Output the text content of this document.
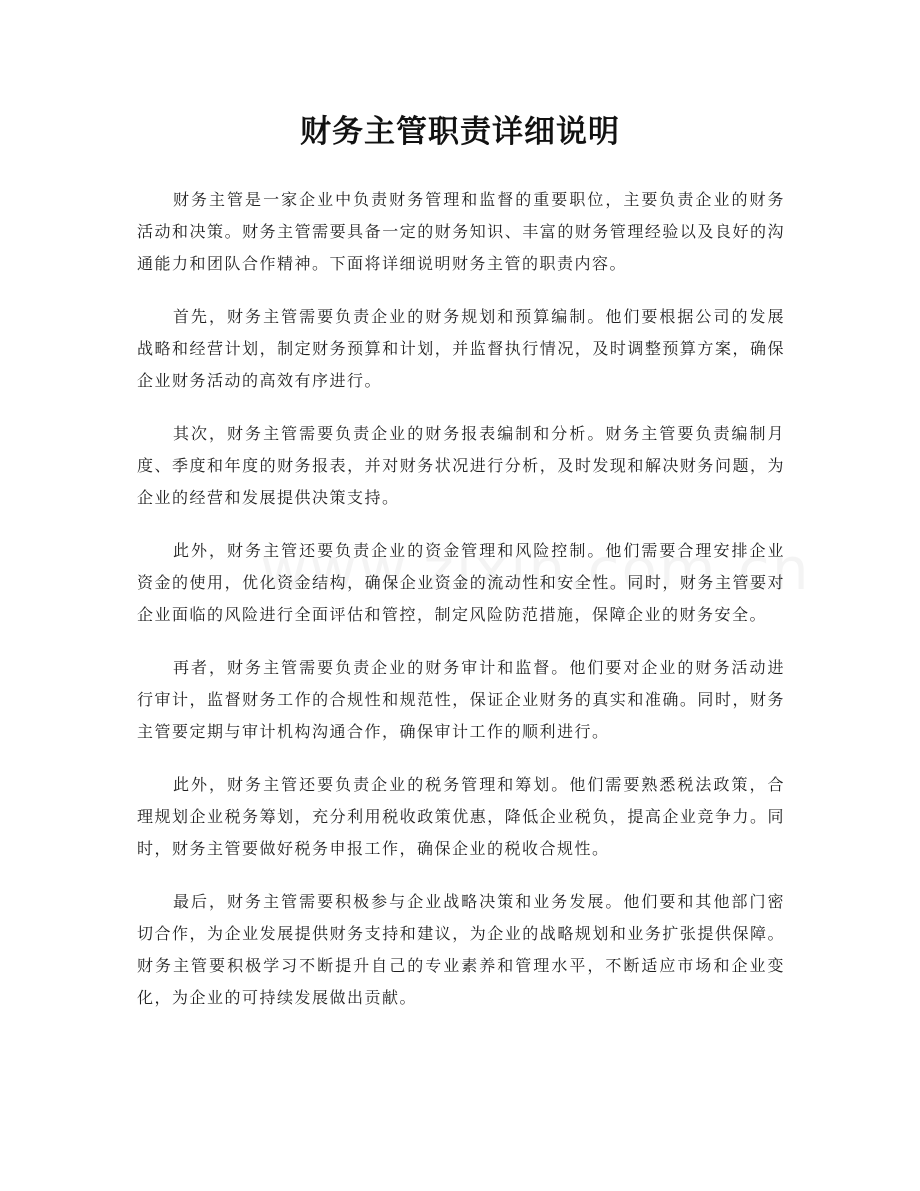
财务主管职责详细说明

财务主管是一家企业中负责财务管理和监督的重要职位，主要负责企业的财务活动和决策。财务主管需要具备一定的财务知识、丰富的财务管理经验以及良好的沟通能力和团队合作精神。下面将详细说明财务主管的职责内容。

首先，财务主管需要负责企业的财务规划和预算编制。他们要根据公司的发展战略和经营计划，制定财务预算和计划，并监督执行情况，及时调整预算方案，确保企业财务活动的高效有序进行。

其次，财务主管需要负责企业的财务报表编制和分析。财务主管要负责编制月度、季度和年度的财务报表，并对财务状况进行分析，及时发现和解决财务问题，为企业的经营和发展提供决策支持。

此外，财务主管还要负责企业的资金管理和风险控制。他们需要合理安排企业资金的使用，优化资金结构，确保企业资金的流动性和安全性。同时，财务主管要对企业面临的风险进行全面评估和管控，制定风险防范措施，保障企业的财务安全。

再者，财务主管需要负责企业的财务审计和监督。他们要对企业的财务活动进行审计，监督财务工作的合规性和规范性，保证企业财务的真实和准确。同时，财务主管要定期与审计机构沟通合作，确保审计工作的顺利进行。

此外，财务主管还要负责企业的税务管理和筹划。他们需要熟悉税法政策，合理规划企业税务筹划，充分利用税收政策优惠，降低企业税负，提高企业竞争力。同时，财务主管要做好税务申报工作，确保企业的税收合规性。

最后，财务主管需要积极参与企业战略决策和业务发展。他们要和其他部门密切合作，为企业发展提供财务支持和建议，为企业的战略规划和业务扩张提供保障。财务主管要积极学习不断提升自己的专业素养和管理水平，不断适应市场和企业变化，为企业的可持续发展做出贡献。
